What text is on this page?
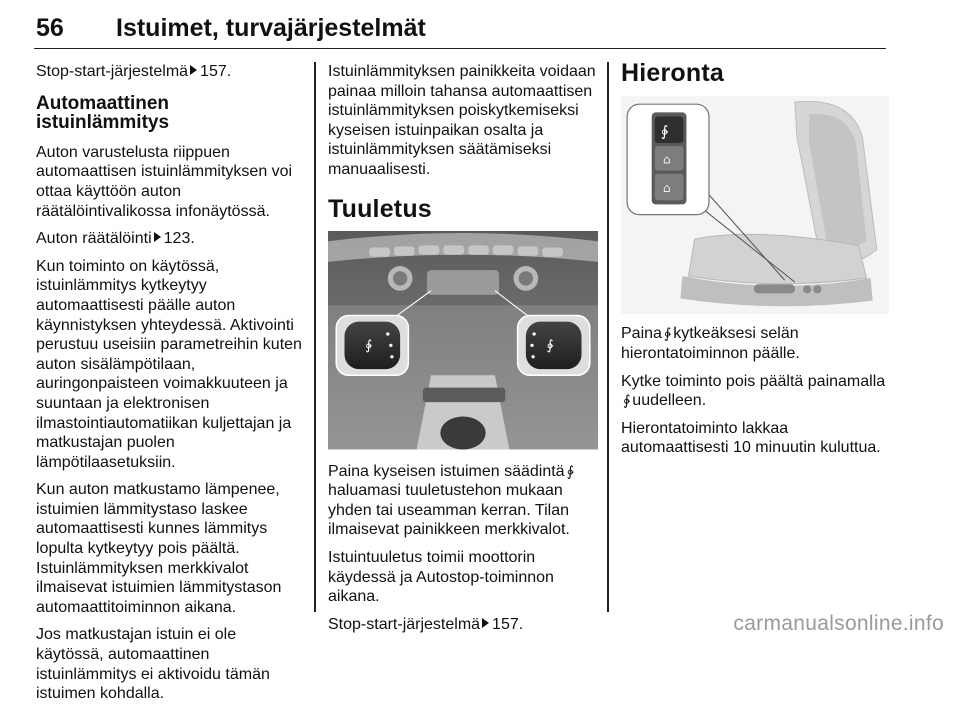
56 Istuimet, turvajärjestelmät

Stop-start-järjestelmä 157.

Automaattinen istuinlämmitys

Auton varustelusta riippuen automaattisen istuinlämmityksen voi ottaa käyttöön auton räätälöintivalikossa infonäytössä.

Auton räätälöinti 123.

Kun toiminto on käytössä, istuinlämmitys kytkeytyy automaattisesti päälle auton käynnistyksen yhteydessä. Aktivointi perustuu useisiin parametreihin kuten auton sisälämpötilaan, auringonpaisteen voimakkuuteen ja suuntaan ja elektronisen ilmastointiautomatiikan kuljettajan ja matkustajan puolen lämpötilaasetuksiin.

Kun auton matkustamo lämpenee, istuimien lämmitystaso laskee automaattisesti kunnes lämmitys lopulta kytkeytyy pois päältä. Istuinlämmityksen merkkivalot ilmaisevat istuimien lämmitystason automaattitoiminnon aikana.

Jos matkustajan istuin ei ole käytössä, automaattinen istuinlämmitys ei aktivoidu tämän istuimen kohdalla.

Istuinlämmityksen painikkeita voidaan painaa milloin tahansa automaattisen istuinlämmityksen poiskytkemiseksi kyseisen istuinpaikan osalta ja istuinlämmityksen säätämiseksi manuaalisesti.

Tuuletus
∲	∲

Paina kyseisen istuimen säädintä ∲haluamasi tuuletustehon mukaan yhden tai useamman kerran. Tilan ilmaisevat painikkeen merkkivalot.

Istuintuuletus toimii moottorin käydessä ja Autostop-toiminnon aikana.

Stop-start-järjestelmä 157.

Hieronta
∲
⌂
⌂

Paina ∲ kytkeäksesi selän hierontatoiminnon päälle.

Kytke toiminto pois päältä painamalla ∲ uudelleen.

Hierontatoiminto lakkaa automaattisesti 10 minuutin kuluttua.

carmanualsonline.info
